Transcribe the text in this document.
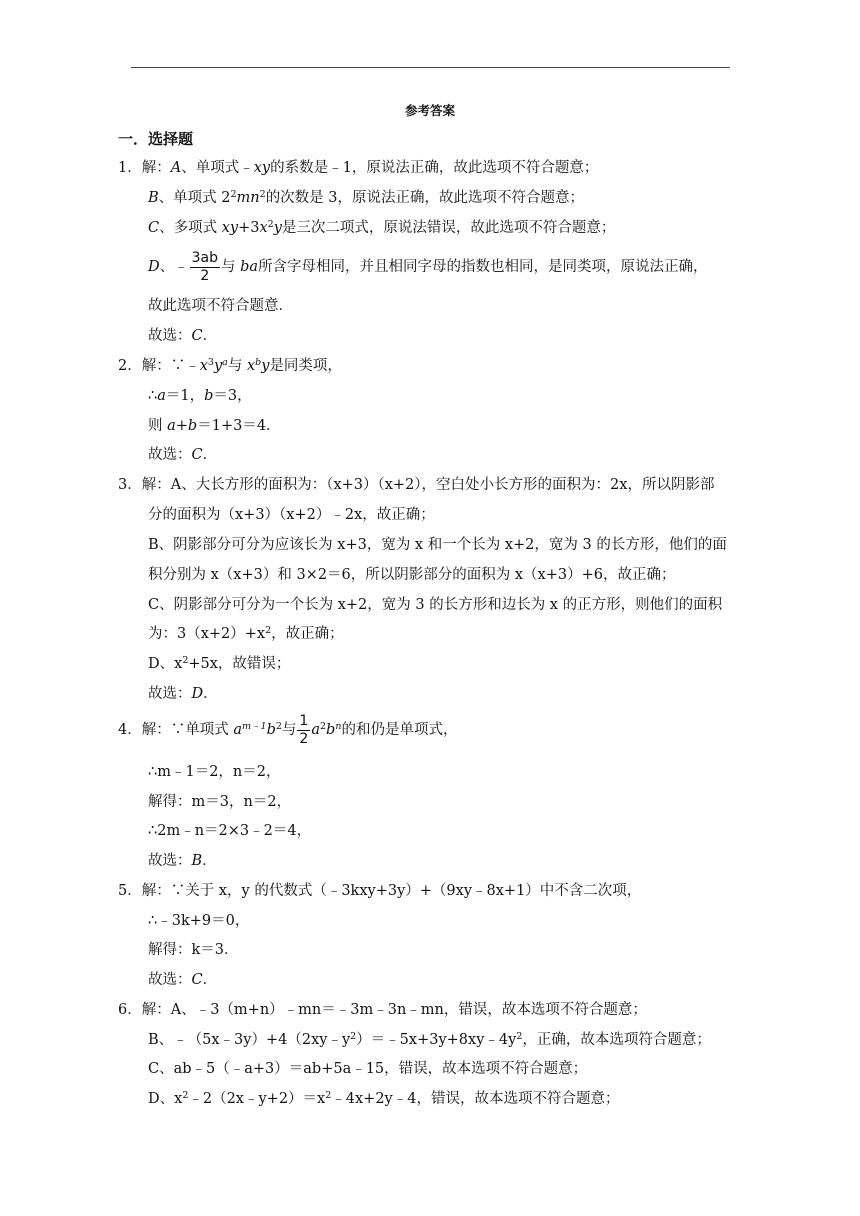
参考答案
一．选择题
1．解：A、单项式﹣xy的系数是﹣1，原说法正确，故此选项不符合题意；
B、单项式 $2^2mn^2$的次数是 3，原说法正确，故此选项不符合题意；
C、多项式 $xy+3x^2y$是三次二项式，原说法错误，故此选项不符合题意；
D、﹣ $\frac{3ab}{2}$ 与 ba所含字母相同，并且相同字母的指数也相同，是同类项，原说法正确，
故此选项不符合题意．
故选：C．
2．解：$\because﹣x^3y^a$与 $x^by$是同类项，
∴a＝1，b＝3，
则 a+b＝1+3＝4．
故选：C．
3．解：A、大长方形的面积为：（x+3）（x+2），空白处小长方形的面积为：2x，所以阴影部
分的面积为（x+3）（x+2）﹣2x，故正确；
B、阴影部分可分为应该长为 x+3，宽为 x 和一个长为 x+2，宽为 3 的长方形，他们的面
积分别为 x（x+3）和 3×2＝6，所以阴影部分的面积为 x（x+3）+6，故正确；
C、阴影部分可分为一个长为 x+2，宽为 3 的长方形和边长为 x 的正方形，则他们的面积
为：$3(x+2)+x^2$，故正确；
D、$x^2+5x$，故错误；
故选：D．
4．解：∵单项式 $a^{m﹣1}b^2$与 $\frac{1}{2} a^2b^n$的和仍是单项式，
∴m﹣1＝2，n＝2，
解得：m＝3，n＝2，
∴2m﹣n＝2×3﹣2＝4，
故选：B．
5．解：∵关于 x，y 的代数式（﹣3kxy+3y）+（9xy﹣8x+1）中不含二次项，
∴﹣3k+9＝0，
解得：k＝3．
故选：C．
6．解：A、﹣3（m+n）﹣mn＝﹣3m﹣3n﹣mn，错误，故本选项不符合题意；
B、$﹣(5x﹣3y)+4(2xy﹣y^2)=﹣5x+3y+8xy﹣4y^2$，正确，故本选项符合题意；
C、ab﹣5（﹣a+3）＝ab+5a﹣15，错误，故本选项不符合题意；
D、$x^2﹣2(2x﹣y+2)=x^2﹣4x+2y﹣4$，错误，故本选项不符合题意；
